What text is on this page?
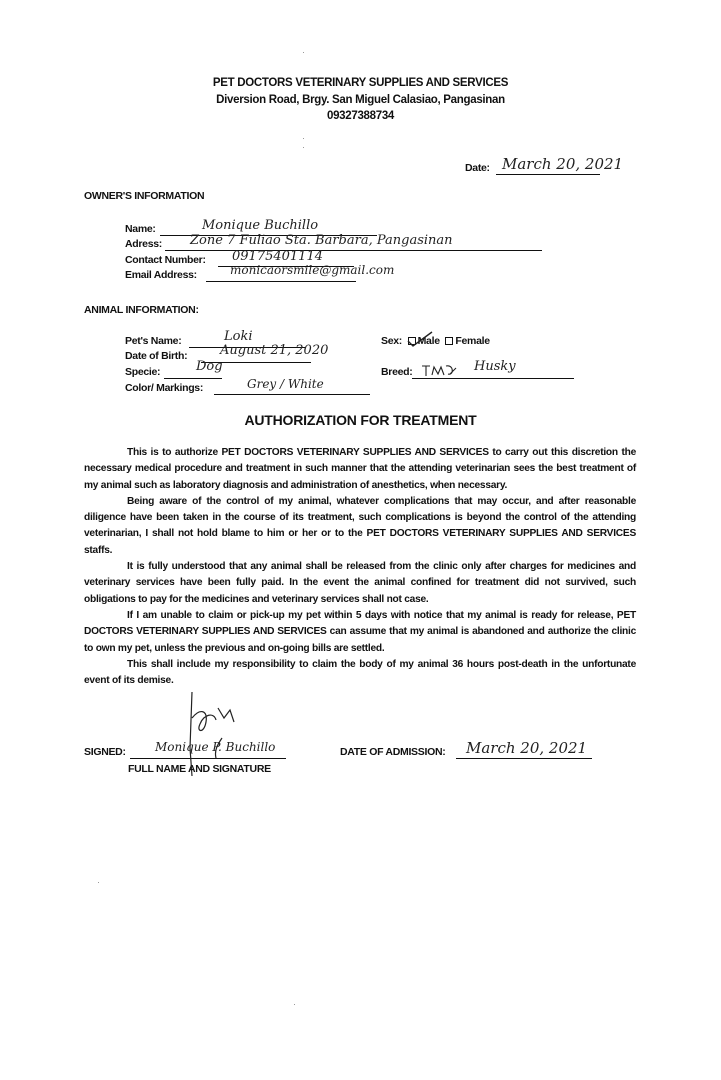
PET DOCTORS VETERINARY SUPPLIES AND SERVICES
Diversion Road, Brgy. San Miguel Calasiao, Pangasinan
09327388734
Date: March 20, 2021
OWNER'S INFORMATION
Name:	Monique Buchillo
Adress: Zone 7 Fuliao Sta. Barbara, Pangasinan
Contact Number: 09175401114
Email Address:	monicaorsmile@gmail.com
ANIMAL INFORMATION:
Pet's Name:	Loki
Date of Birth:	August 21, 2020
Specie:	Dog
Color/ Markings:	Grey / White
Sex: Male Female
Breed:	Husky
AUTHORIZATION FOR TREATMENT

This is to authorize PET DOCTORS VETERINARY SUPPLIES AND SERVICES to carry out this discretion the necessary medical procedure and treatment in such manner that the attending veterinarian sees the best treatment of my animal such as laboratory diagnosis and administration of anesthetics, when necessary.

Being aware of the control of my animal, whatever complications that may occur, and after reasonable diligence have been taken in the course of its treatment, such complications is beyond the control of the attending veterinarian, I shall not hold blame to him or her or to the PET DOCTORS VETERINARY SUPPLIES AND SERVICES staffs.

It is fully understood that any animal shall be released from the clinic only after charges for medicines and veterinary services have been fully paid. In the event the animal confined for treatment did not survived, such obligations to pay for the medicines and veterinary services shall not case.

If I am unable to claim or pick-up my pet within 5 days with notice that my animal is ready for release, PET DOCTORS VETERINARY SUPPLIES AND SERVICES can assume that my animal is abandoned and authorize the clinic to own my pet, unless the previous and on-going bills are settled.

This shall include my responsibility to claim the body of my animal 36 hours post-death in the unfortunate event of its demise.

SIGNED: Monique P. Buchillo
FULL NAME AND SIGNATURE
DATE OF ADMISSION: March 20, 2021
